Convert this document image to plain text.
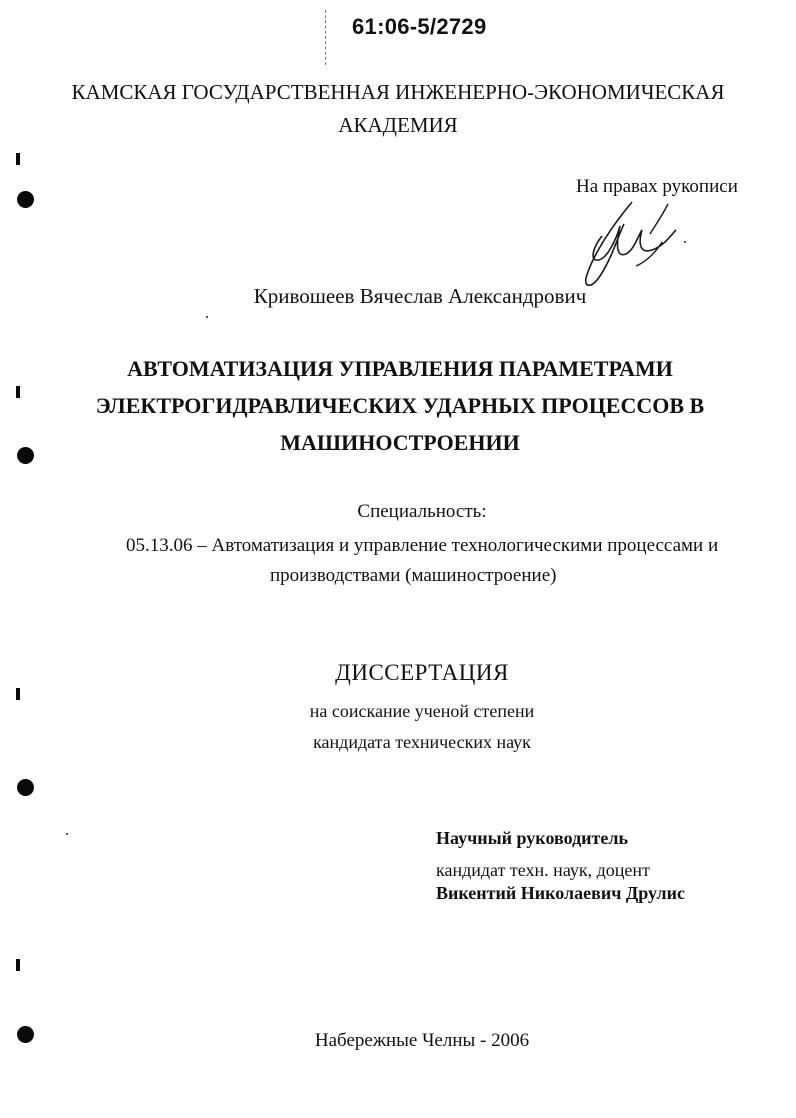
61:06-5/2729
КАМСКАЯ ГОСУДАРСТВЕННАЯ ИНЖЕНЕРНО-ЭКОНОМИЧЕСКАЯ
АКАДЕМИЯ
На правах рукописи
Кривошеев Вячеслав Александрович
АВТОМАТИЗАЦИЯ УПРАВЛЕНИЯ ПАРАМЕТРАМИ
ЭЛЕКТРОГИДРАВЛИЧЕСКИХ УДАРНЫХ ПРОЦЕССОВ В
МАШИНОСТРОЕНИИ
Специальность:
05.13.06 – Автоматизация и управление технологическими процессами и
производствами (машиностроение)
ДИССЕРТАЦИЯ
на соискание ученой степени
кандидата технических наук
Научный руководитель
кандидат техн. наук, доцент
Викентий Николаевич Друлис
Набережные Челны - 2006
